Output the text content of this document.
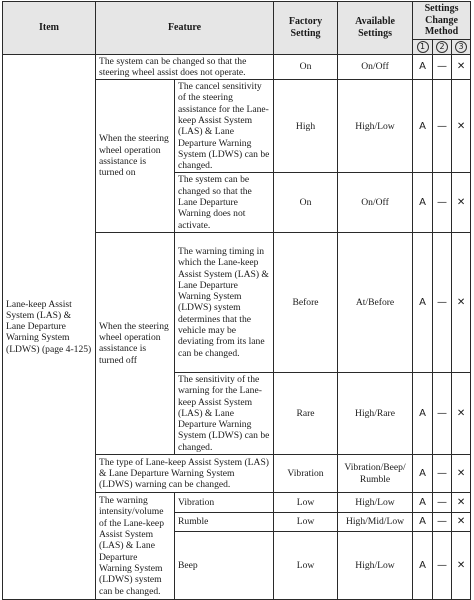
Item	Feature		Factory Setting	Available Settings	Settings Change Method		
					1	2	3
Lane-keep Assist System (LAS) & Lane Departure Warning System (LDWS) (page 4-125)	The system can be changed so that the steering wheel assist does not operate.		On	On/Off	A	—	✕
	When the steering wheel operation assistance is turned on	The cancel sensitivity of the steering assistance for the Lane-keep Assist System (LAS) & Lane Departure Warning System (LDWS) can be changed.	High	High/Low	A	—	✕
		The system can be changed so that the Lane Departure Warning does not activate.	On	On/Off	A	—	✕
	When the steering wheel operation assistance is turned off	The warning timing in which the Lane-keep Assist System (LAS) & Lane Departure Warning System (LDWS) system determines that the vehicle may be deviating from its lane can be changed.	Before	At/Before	A	—	✕
		The sensitivity of the warning for the Lane-keep Assist System (LAS) & Lane Departure Warning System (LDWS) can be changed.	Rare	High/Rare	A	—	✕
	The type of Lane-keep Assist System (LAS) & Lane Departure Warning System (LDWS) warning can be changed.		Vibration	Vibration/Beep/ Rumble	A	—	✕
	The warning intensity/volume of the Lane-keep Assist System (LAS) & Lane Departure Warning System (LDWS) system can be changed.	Vibration	Low	High/Low	A	—	✕
		Rumble	Low	High/Mid/Low	A	—	✕
		Beep	Low	High/Low	A	—	✕
